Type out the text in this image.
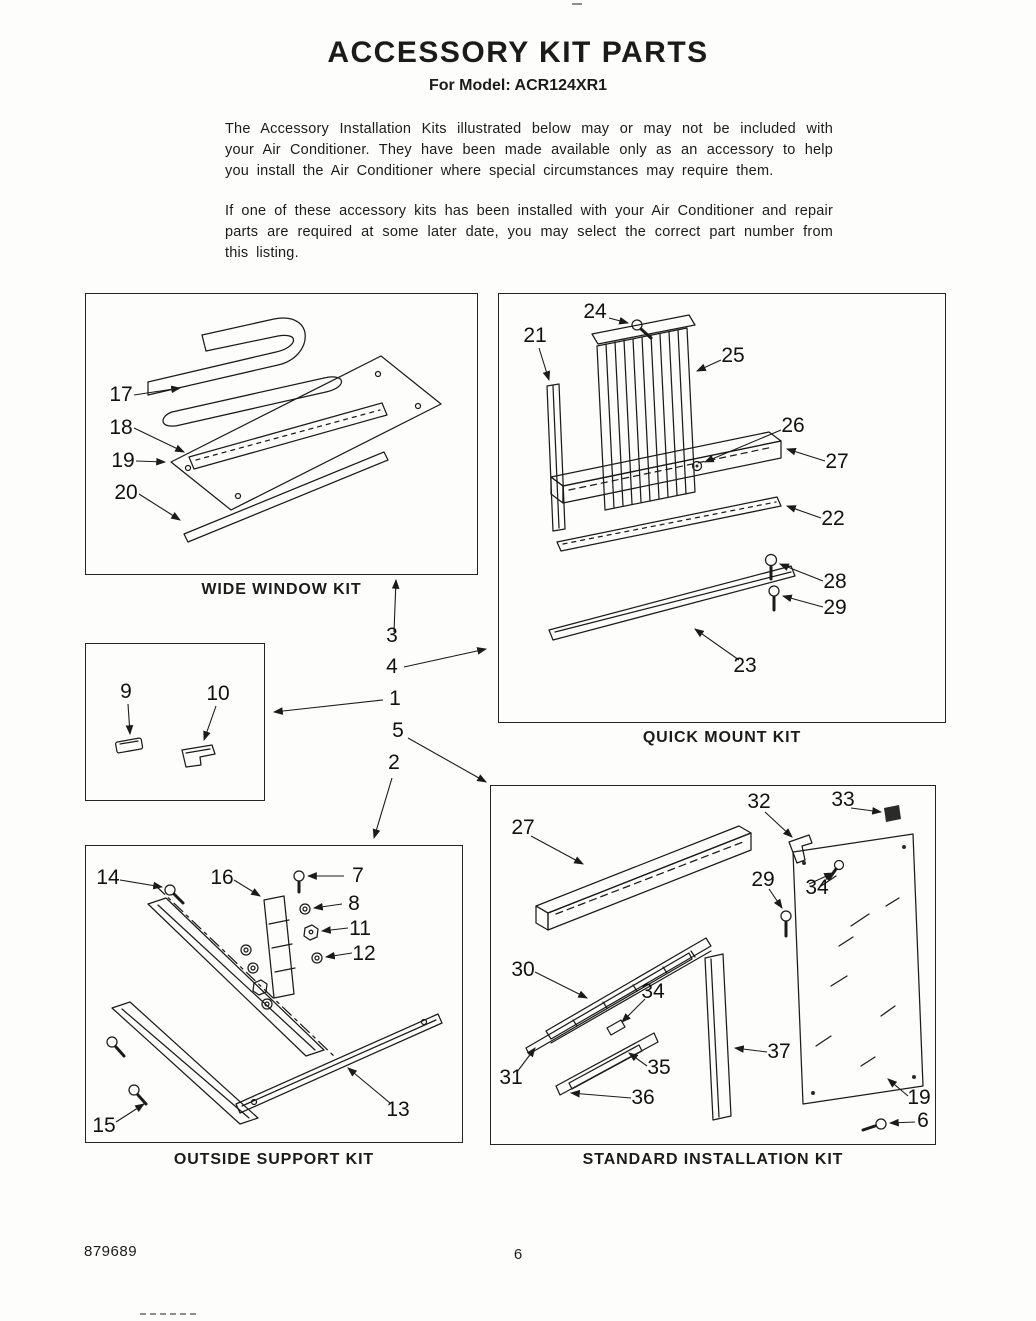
ACCESSORY KIT PARTS
For Model: ACR124XR1
The Accessory Installation Kits illustrated below may or may not be included with your Air Conditioner. They have been made available only as an accessory to help you install the Air Conditioner where special circumstances may require them.
If one of these accessory kits has been installed with your Air Conditioner and repair parts are required at some later date, you may select the correct part number from this listing.
17
18
19
20
WIDE WINDOW KIT
24
21
25
26
27
22
28
29
23
QUICK MOUNT KIT
9	10
3
4
1
5
2
14	16	7
8
11
12
13
15
OUTSIDE SUPPORT KIT
27
32	33
34
29
30
31
34
35
36
37
19
6
STANDARD INSTALLATION KIT
879689	6
